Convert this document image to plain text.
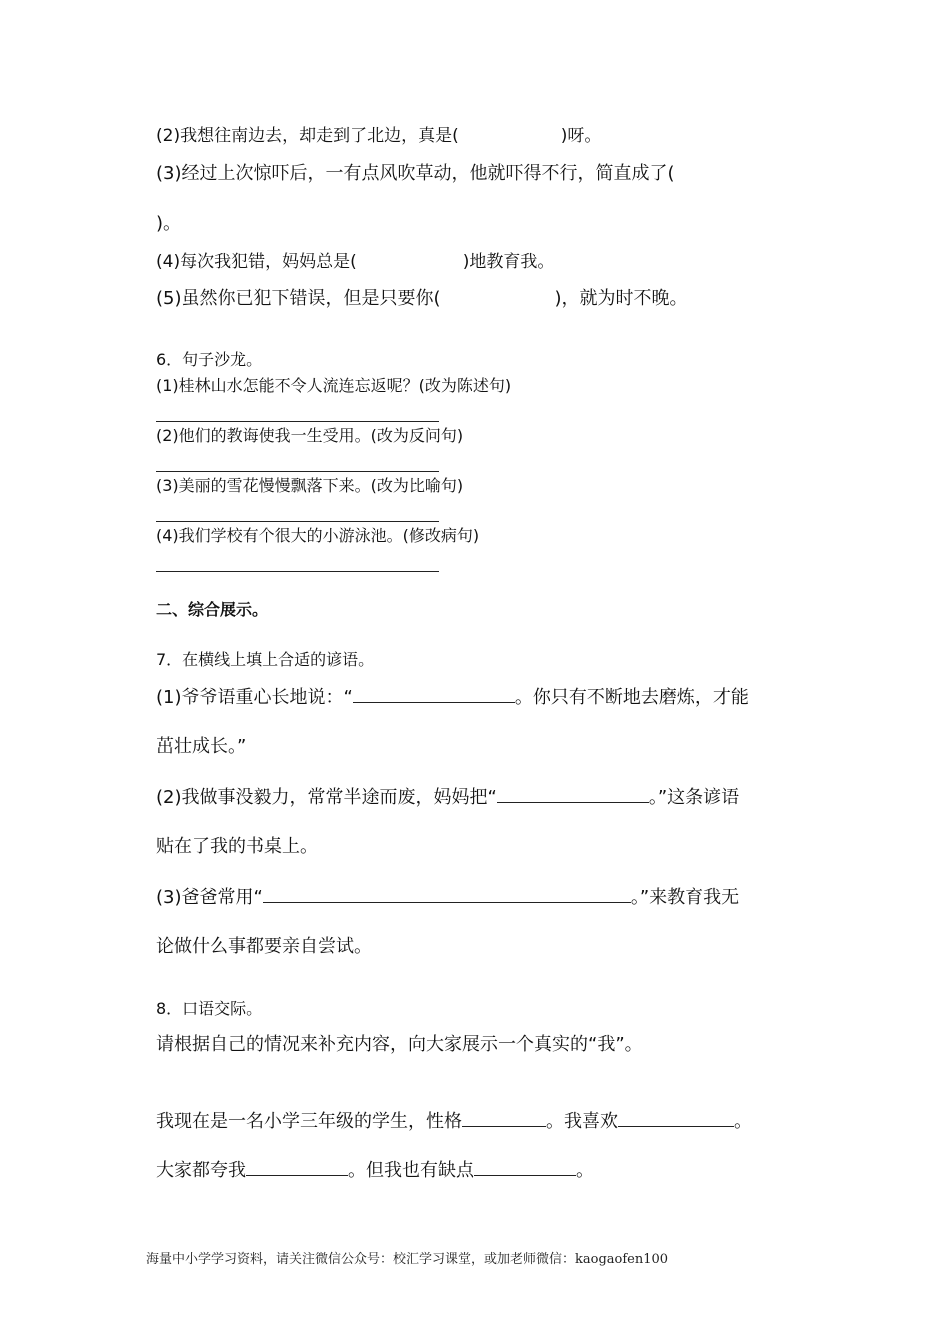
(2)我想往南边去，却走到了北边，真是(	)呀。
(3)经过上次惊吓后，一有点风吹草动，他就吓得不行，简直成了(
)。
(4)每次我犯错，妈妈总是(	)地教育我。
(5)虽然你已犯下错误，但是只要你(	)，就为时不晚。
6．句子沙龙。
(1)桂林山水怎能不令人流连忘返呢？(改为陈述句)
(2)他们的教诲使我一生受用。(改为反问句)
(3)美丽的雪花慢慢飘落下来。(改为比喻句)
(4)我们学校有个很大的小游泳池。(修改病句)
二、综合展示。
7．在横线上填上合适的谚语。
(1)爷爷语重心长地说：“	。你只有不断地去磨炼，才能
茁壮成长。”
(2)我做事没毅力，常常半途而废，妈妈把“	。”这条谚语
贴在了我的书桌上。
(3)爸爸常用“	。”来教育我无
论做什么事都要亲自尝试。
8．口语交际。
请根据自己的情况来补充内容，向大家展示一个真实的“我”。
我现在是一名小学三年级的学生，性格	。我喜欢	。
大家都夸我	。但我也有缺点	。
海量中小学学习资料，请关注微信公众号：校汇学习课堂，或加老师微信：kaogaofen100
